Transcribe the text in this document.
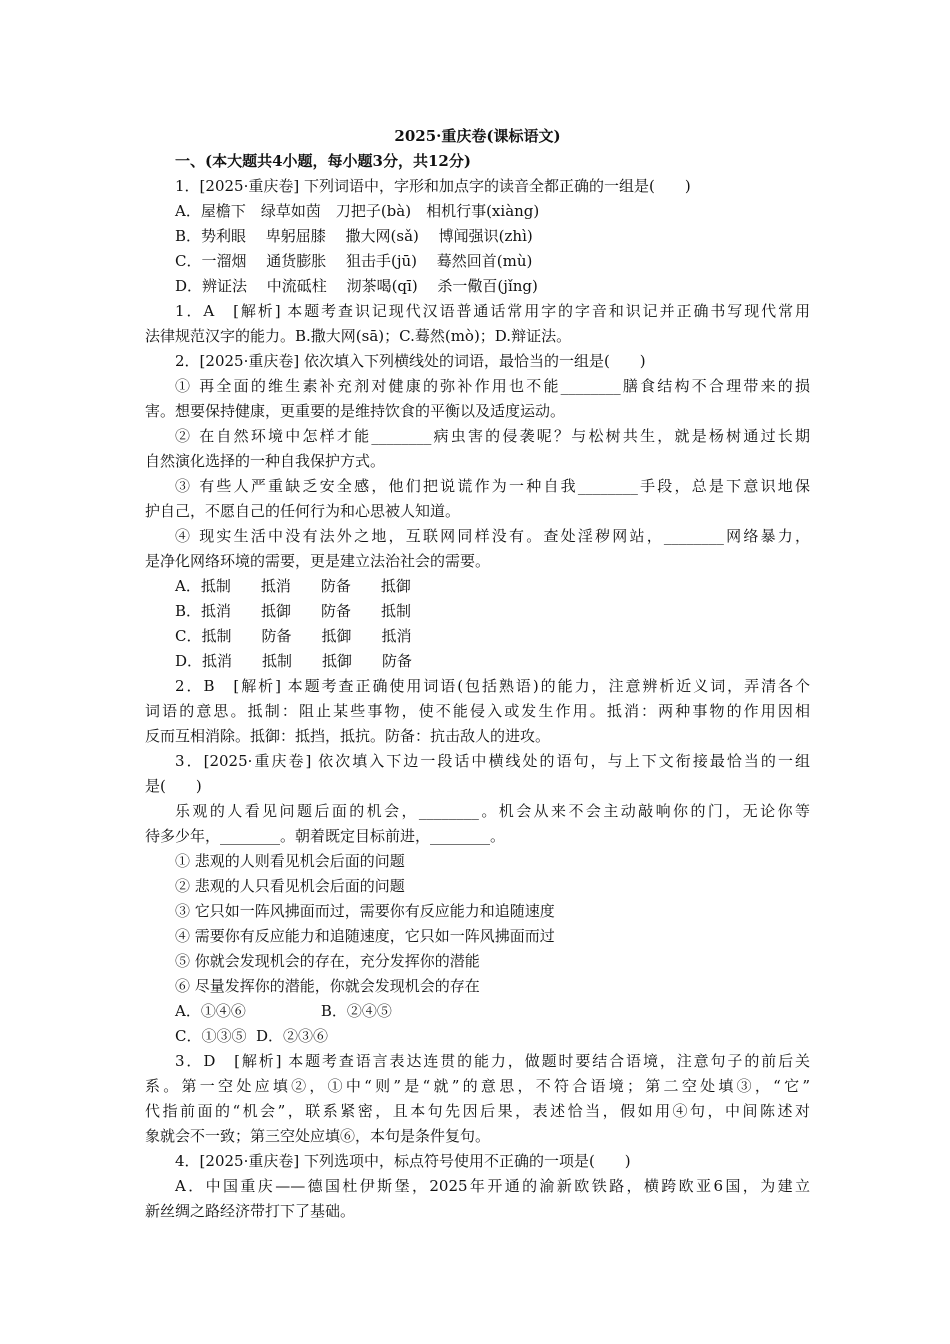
2025·重庆卷(课标语文)
一、(本大题共4小题，每小题3分，共12分)
1．[2025·重庆卷] 下列词语中，字形和加点字的读音全都正确的一组是(　　)
A．屋檐下　绿草如茵　刀把子(bà)　相机行事(xiàng)
B．势利眼　 卑躬屈膝　 撒大网(sǎ)　 博闻强识(zhì)
C．一溜烟　 通货膨胀　 狙击手(jū)　 蓦然回首(mù)
D．辨证法　 中流砥柱　 沏茶喝(qī)　 杀一儆百(jǐng)
1．A　[解析] 本题考查识记现代汉语普通话常用字的字音和识记并正确书写现代常用
法律规范汉字的能力。B.撒大网(sā)；C.蓦然(mò)；D.辩证法。
2．[2025·重庆卷] 依次填入下列横线处的词语，最恰当的一组是(　　)
① 再全面的维生素补充剂对健康的弥补作用也不能________膳食结构不合理带来的损
害。想要保持健康，更重要的是维持饮食的平衡以及适度运动。
② 在自然环境中怎样才能________病虫害的侵袭呢？与松树共生，就是杨树通过长期
自然演化选择的一种自我保护方式。
③ 有些人严重缺乏安全感，他们把说谎作为一种自我________手段，总是下意识地保
护自己，不愿自己的任何行为和心思被人知道。
④ 现实生活中没有法外之地，互联网同样没有。查处淫秽网站，________网络暴力，
是净化网络环境的需要，更是建立法治社会的需要。
A．抵制　　抵消　　防备　　抵御
B．抵消　　抵御　　防备　　抵制
C．抵制　　防备　　抵御　　抵消
D．抵消　　抵制　　抵御　　防备
2．B　[解析] 本题考查正确使用词语(包括熟语)的能力，注意辨析近义词，弄清各个
词语的意思。抵制：阻止某些事物，使不能侵入或发生作用。抵消：两种事物的作用因相
反而互相消除。抵御：抵挡，抵抗。防备：抗击敌人的进攻。
3．[2025·重庆卷] 依次填入下边一段话中横线处的语句，与上下文衔接最恰当的一组
是(　　)
乐观的人看见问题后面的机会，________。机会从来不会主动敲响你的门，无论你等
待多少年，________。朝着既定目标前进，________。
① 悲观的人则看见机会后面的问题
② 悲观的人只看见机会后面的问题
③ 它只如一阵风拂面而过，需要你有反应能力和追随速度
④ 需要你有反应能力和追随速度，它只如一阵风拂面而过
⑤ 你就会发现机会的存在，充分发挥你的潜能
⑥ 尽量发挥你的潜能，你就会发现机会的存在
A．①④⑥　　　　　B．②④⑤
C．①③⑤  D．②③⑥
3．D　[解析] 本题考查语言表达连贯的能力，做题时要结合语境，注意句子的前后关
系。第一空处应填②，①中“则”是“就”的意思，不符合语境；第二空处填③，“它”
代指前面的“机会”，联系紧密，且本句先因后果，表述恰当，假如用④句，中间陈述对
象就会不一致；第三空处应填⑥，本句是条件复句。
4．[2025·重庆卷] 下列选项中，标点符号使用不正确的一项是(　　)
A．中国重庆——德国杜伊斯堡，2025年开通的渝新欧铁路，横跨欧亚6国，为建立
新丝绸之路经济带打下了基础。
